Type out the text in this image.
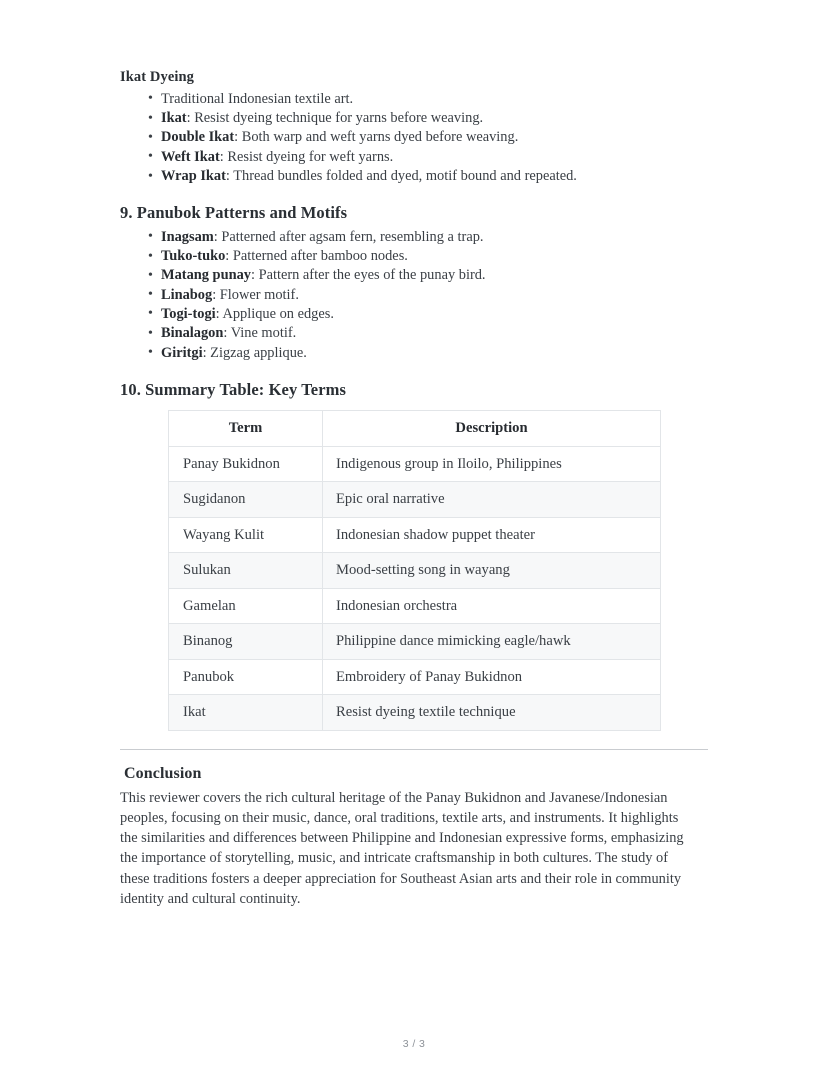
Ikat Dyeing
• Traditional Indonesian textile art.
• Ikat: Resist dyeing technique for yarns before weaving.
• Double Ikat: Both warp and weft yarns dyed before weaving.
• Weft Ikat: Resist dyeing for weft yarns.
• Wrap Ikat: Thread bundles folded and dyed, motif bound and repeated.
9. Panubok Patterns and Motifs
• Inagsam: Patterned after agsam fern, resembling a trap.
• Tuko-tuko: Patterned after bamboo nodes.
• Matang punay: Pattern after the eyes of the punay bird.
• Linabog: Flower motif.
• Togi-togi: Applique on edges.
• Binalagon: Vine motif.
• Giritgi: Zigzag applique.
10. Summary Table: Key Terms
Term	Description
Panay Bukidnon	Indigenous group in Iloilo, Philippines
Sugidanon	Epic oral narrative
Wayang Kulit	Indonesian shadow puppet theater
Sulukan	Mood-setting song in wayang
Gamelan	Indonesian orchestra
Binanog	Philippine dance mimicking eagle/hawk
Panubok	Embroidery of Panay Bukidnon
Ikat	Resist dyeing textile technique
Conclusion

This reviewer covers the rich cultural heritage of the Panay Bukidnon and Javanese/Indonesian peoples, focusing on their music, dance, oral traditions, textile arts, and instruments. It highlights the similarities and differences between Philippine and Indonesian expressive forms, emphasizing the importance of storytelling, music, and intricate craftsmanship in both cultures. The study of these traditions fosters a deeper appreciation for Southeast Asian arts and their role in community identity and cultural continuity.

3 / 3
